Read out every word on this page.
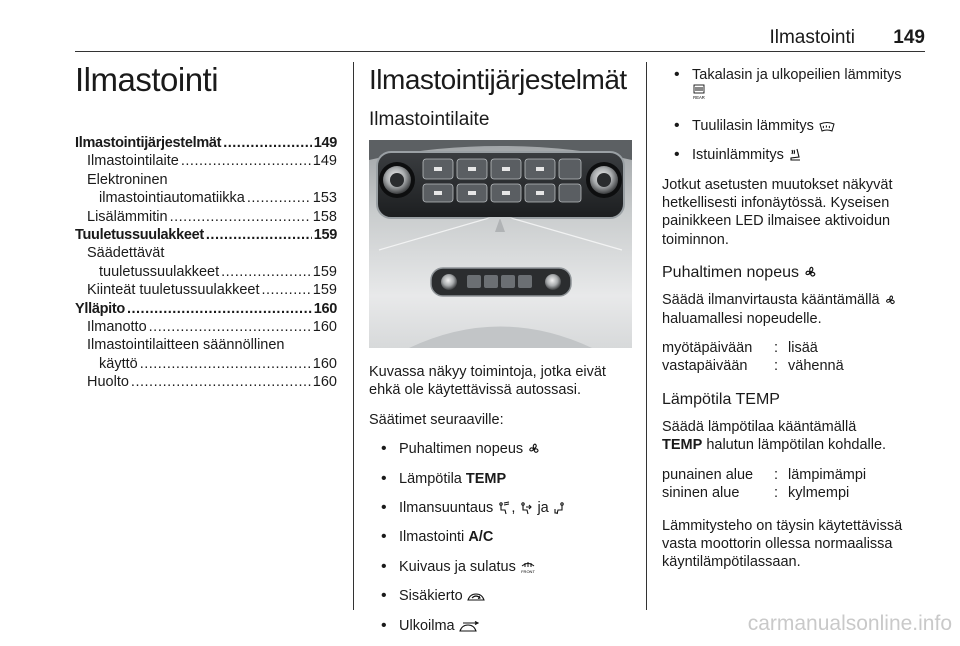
Ilmastointi 149
Ilmastointi
Ilmastointijärjestelmät .....	149
Ilmastointilaite .....	149
Elektroninen
ilmastointiautomatiikka .....	153
Lisälämmitin .....	158
Tuuletussuulakkeet .....	159
Säädettävät
tuuletussuulakkeet .....	159
Kiinteät tuuletussuulakkeet .....	159
Ylläpito .....	160
Ilmanotto .....	160
Ilmastointilaitteen säännöllinen
käyttö .....	160
Huolto .....	160
Ilmastointijärjestelmät
Ilmastointilaite

Kuvassa näkyy toimintoja, jotka eivät ehkä ole käytettävissä autossasi.

Säätimet seuraaville:

• Puhaltimen nopeus
• Lämpötila TEMP
• Ilmansuuntaus , ja
• Ilmastointi A/C
• Kuivaus ja sulatus FRONT
• Sisäkierto
• Ulkoilma
• Takalasin ja ulkopeilien lämmitys

REAR
• Tuulilasin lämmitys
• Istuinlämmitys

Jotkut asetusten muutokset näkyvät hetkellisesti infonäytössä. Kyseisen painikkeen LED ilmaisee aktivoidun toiminnon.

Puhaltimen nopeus

Säädä ilmanvirtausta kääntämällä  haluamallesi nopeudelle.

myötäpäivään	: lisää
vastapäivään	: vähennä
Lämpötila TEMP

Säädä lämpötilaa kääntämällä
TEMP halutun lämpötilan kohdalle.

punainen alue	: lämpimämpi
sininen alue	: kylmempi

Lämmitysteho on täysin käytettävissä vasta moottorin ollessa normaalissa käyntilämpötilassaan.

carmanualsonline.info
